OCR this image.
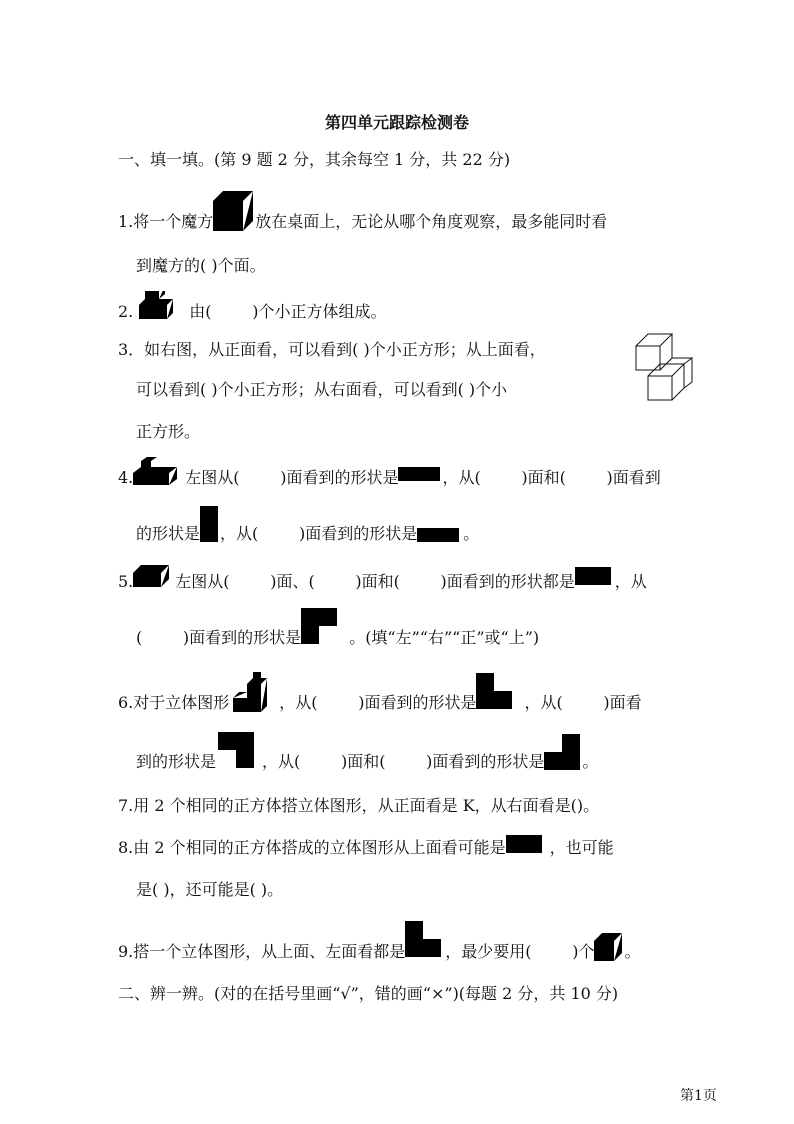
第四单元跟踪检测卷
一、填一填。(第 9 题 2 分，其余每空 1 分，共 22 分)
1.将一个魔方	放在桌面上，无论从哪个角度观察，最多能同时看
到魔方的( )个面。
2.	由(        )个小正方体组成。
3．如右图，从正面看，可以看到( )个小正方形；从上面看，
可以看到( )个小正方形；从右面看，可以看到( )个小
正方形。
4.	左图从(        )面看到的形状是	，从(        )面和(        )面看到
的形状是 ，从(        )面看到的形状是	。
5.	左图从(        )面、(        )面和(        )面看到的形状都是	，从
(        )面看到的形状是	。(填“左”“右”“正”或“上”)
6.对于立体图形	，从(        )面看到的形状是	，从(        )面看
到的形状是	，从(        )面和(        )面看到的形状是 。
7.用 2 个相同的正方体搭立体图形，从正面看是 K，从右面看是()。
8.由 2 个相同的正方体搭成的立体图形从上面看可能是	，也可能
是( )，还可能是( )。
9.搭一个立体图形，从上面、左面看都是	，最少要用(        )个 。
二、辨一辨。(对的在括号里画“√”，错的画“×”)(每题 2 分，共 10 分)
第1页
